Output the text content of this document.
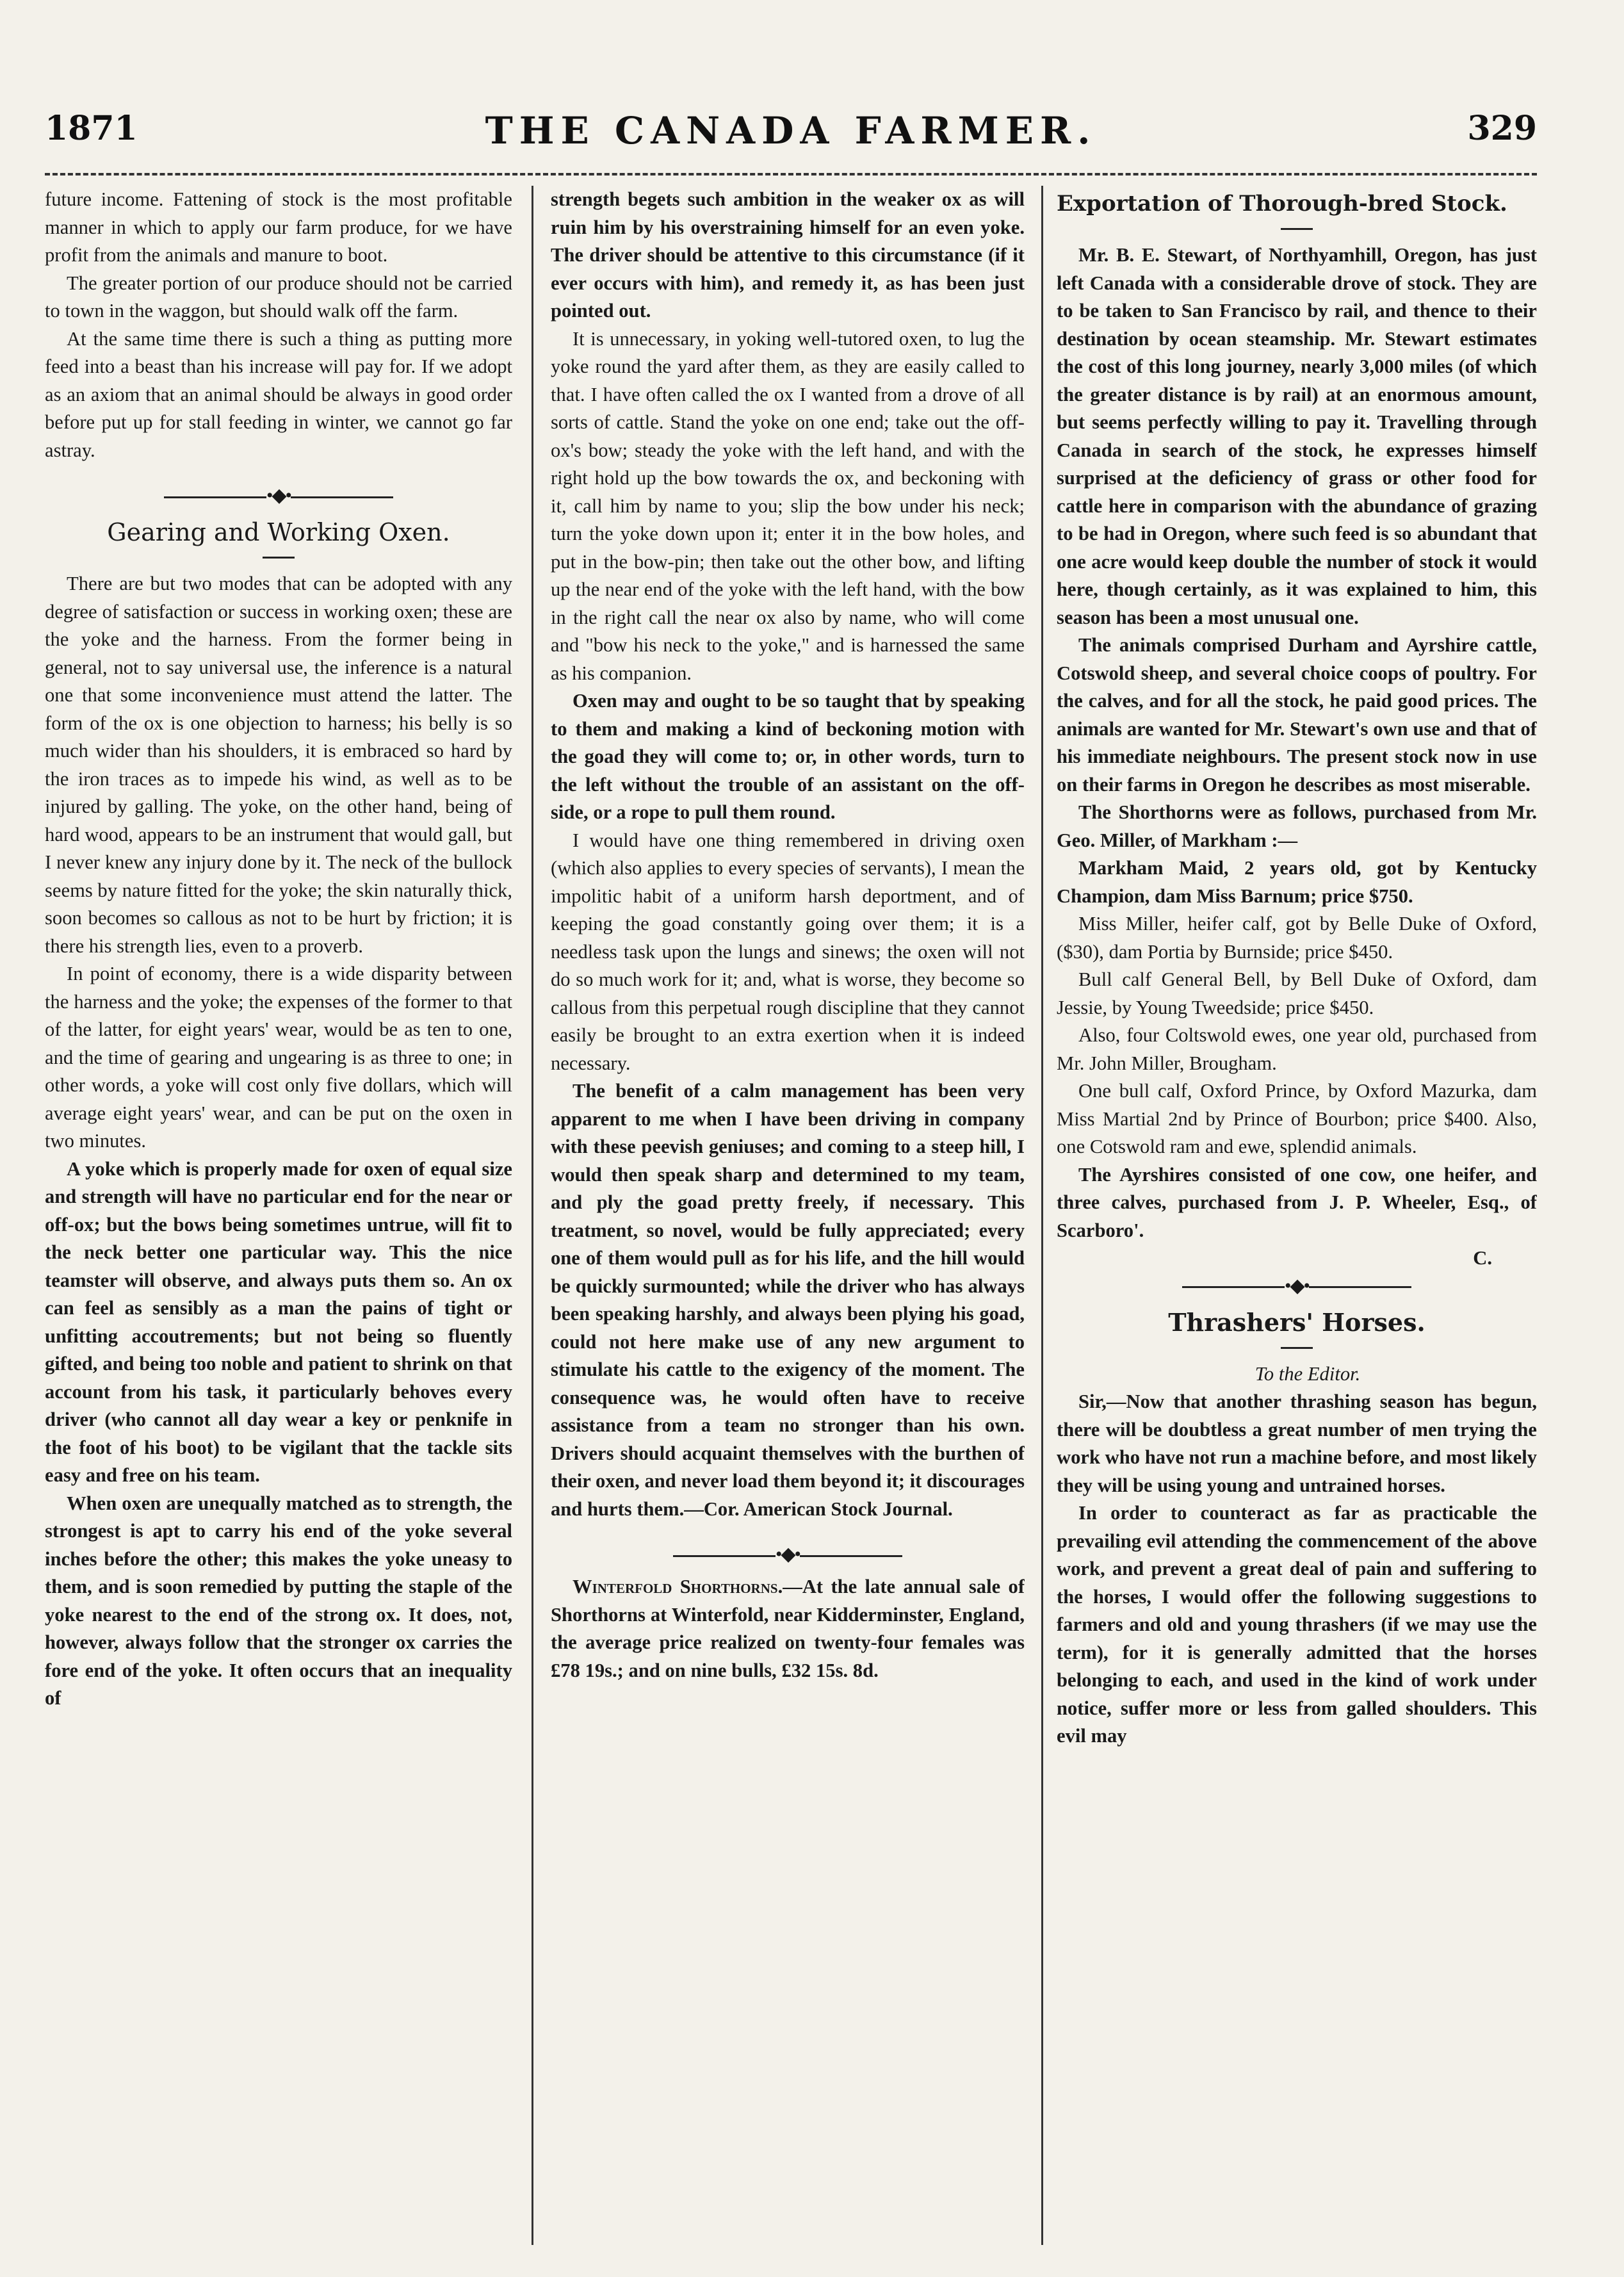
1871	THE CANADA FARMER.	329

future income. Fattening of stock is the most profitable manner in which to apply our farm produce, for we have profit from the animals and manure to boot.

The greater portion of our produce should not be carried to town in the waggon, but should walk off the farm.

At the same time there is such a thing as putting more feed into a beast than his increase will pay for. If we adopt as an axiom that an animal should be always in good order before put up for stall feeding in winter, we cannot go far astray.

•◆•
Gearing and Working Oxen.

There are but two modes that can be adopted with any degree of satisfaction or success in working oxen; these are the yoke and the harness. From the former being in general, not to say universal use, the inference is a natural one that some inconvenience must attend the latter. The form of the ox is one objection to harness; his belly is so much wider than his shoulders, it is embraced so hard by the iron traces as to impede his wind, as well as to be injured by galling. The yoke, on the other hand, being of hard wood, appears to be an instrument that would gall, but I never knew any injury done by it. The neck of the bullock seems by nature fitted for the yoke; the skin naturally thick, soon becomes so callous as not to be hurt by friction; it is there his strength lies, even to a proverb.

In point of economy, there is a wide disparity between the harness and the yoke; the expenses of the former to that of the latter, for eight years' wear, would be as ten to one, and the time of gearing and ungearing is as three to one; in other words, a yoke will cost only five dollars, which will average eight years' wear, and can be put on the oxen in two minutes.

A yoke which is properly made for oxen of equal size and strength will have no particular end for the near or off-ox; but the bows being sometimes untrue, will fit to the neck better one particular way. This the nice teamster will observe, and always puts them so. An ox can feel as sensibly as a man the pains of tight or unfitting accoutrements; but not being so fluently gifted, and being too noble and patient to shrink on that account from his task, it particularly behoves every driver (who cannot all day wear a key or penknife in the foot of his boot) to be vigilant that the tackle sits easy and free on his team.

When oxen are unequally matched as to strength, the strongest is apt to carry his end of the yoke several inches before the other; this makes the yoke uneasy to them, and is soon remedied by putting the staple of the yoke nearest to the end of the strong ox. It does, not, however, always follow that the stronger ox carries the fore end of the yoke. It often occurs that an inequality of

strength begets such ambition in the weaker ox as will ruin him by his overstraining himself for an even yoke. The driver should be attentive to this circumstance (if it ever occurs with him), and remedy it, as has been just pointed out.

It is unnecessary, in yoking well-tutored oxen, to lug the yoke round the yard after them, as they are easily called to that. I have often called the ox I wanted from a drove of all sorts of cattle. Stand the yoke on one end; take out the off-ox's bow; steady the yoke with the left hand, and with the right hold up the bow towards the ox, and beckoning with it, call him by name to you; slip the bow under his neck; turn the yoke down upon it; enter it in the bow holes, and put in the bow-pin; then take out the other bow, and lifting up the near end of the yoke with the left hand, with the bow in the right call the near ox also by name, who will come and "bow his neck to the yoke," and is harnessed the same as his companion.

Oxen may and ought to be so taught that by speaking to them and making a kind of beckoning motion with the goad they will come to; or, in other words, turn to the left without the trouble of an assistant on the off-side, or a rope to pull them round.

I would have one thing remembered in driving oxen (which also applies to every species of servants), I mean the impolitic habit of a uniform harsh deportment, and of keeping the goad constantly going over them; it is a needless task upon the lungs and sinews; the oxen will not do so much work for it; and, what is worse, they become so callous from this perpetual rough discipline that they cannot easily be brought to an extra exertion when it is indeed necessary.

The benefit of a calm management has been very apparent to me when I have been driving in company with these peevish geniuses; and coming to a steep hill, I would then speak sharp and determined to my team, and ply the goad pretty freely, if necessary. This treatment, so novel, would be fully appreciated; every one of them would pull as for his life, and the hill would be quickly surmounted; while the driver who has always been speaking harshly, and always been plying his goad, could not here make use of any new argument to stimulate his cattle to the exigency of the moment. The consequence was, he would often have to receive assistance from a team no stronger than his own. Drivers should acquaint themselves with the burthen of their oxen, and never load them beyond it; it discourages and hurts them.—Cor. American Stock Journal.

•◆•

Winterfold Shorthorns.—At the late annual sale of Shorthorns at Winterfold, near Kidderminster, England, the average price realized on twenty-four females was £78 19s.; and on nine bulls, £32 15s. 8d.

Exportation of Thorough-bred Stock.

Mr. B. E. Stewart, of Northyamhill, Oregon, has just left Canada with a considerable drove of stock. They are to be taken to San Francisco by rail, and thence to their destination by ocean steamship. Mr. Stewart estimates the cost of this long journey, nearly 3,000 miles (of which the greater distance is by rail) at an enormous amount, but seems perfectly willing to pay it. Travelling through Canada in search of the stock, he expresses himself surprised at the deficiency of grass or other food for cattle here in comparison with the abundance of grazing to be had in Oregon, where such feed is so abundant that one acre would keep double the number of stock it would here, though certainly, as it was explained to him, this season has been a most unusual one.

The animals comprised Durham and Ayrshire cattle, Cotswold sheep, and several choice coops of poultry. For the calves, and for all the stock, he paid good prices. The animals are wanted for Mr. Stewart's own use and that of his immediate neighbours. The present stock now in use on their farms in Oregon he describes as most miserable.

The Shorthorns were as follows, purchased from Mr. Geo. Miller, of Markham :—

Markham Maid, 2 years old, got by Kentucky Champion, dam Miss Barnum; price $750.

Miss Miller, heifer calf, got by Belle Duke of Oxford, ($30), dam Portia by Burnside; price $450.

Bull calf General Bell, by Bell Duke of Oxford, dam Jessie, by Young Tweedside; price $450.

Also, four Coltswold ewes, one year old, purchased from Mr. John Miller, Brougham.

One bull calf, Oxford Prince, by Oxford Mazurka, dam Miss Martial 2nd by Prince of Bourbon; price $400. Also, one Cotswold ram and ewe, splendid animals.

The Ayrshires consisted of one cow, one heifer, and three calves, purchased from J. P. Wheeler, Esq., of Scarboro'.

C.

•◆•
Thrashers' Horses.

To the Editor.

Sir,—Now that another thrashing season has begun, there will be doubtless a great number of men trying the work who have not run a machine before, and most likely they will be using young and untrained horses.

In order to counteract as far as practicable the prevailing evil attending the commencement of the above work, and prevent a great deal of pain and suffering to the horses, I would offer the following suggestions to farmers and old and young thrashers (if we may use the term), for it is generally admitted that the horses belonging to each, and used in the kind of work under notice, suffer more or less from galled shoulders. This evil may
